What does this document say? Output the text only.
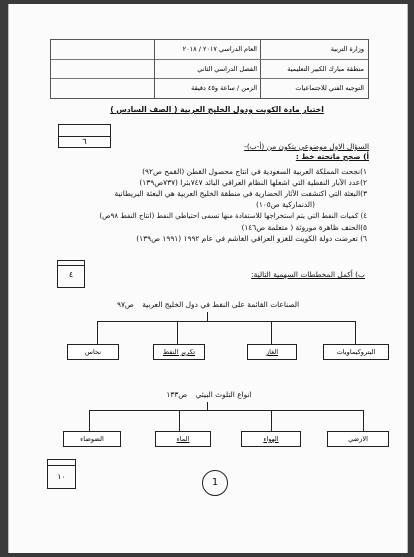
وزارة التربية
منطقة مبارك الكبير التعليمية
التوجيه الفني للاجتماعيات
العام الدراسي ٢٠١٧ / ٢٠١٨
الفصل الدراسي الثاني
الزمن / ساعة و٤٥ دقيقة
اختبار مادة الكويت ودول الخليج العربية ( الصف السادس )
٦
السؤال الاول موضوعي يتكون من (أ-ب)-
أ) صحح ماتحته خط :
١)نجحت المملكة العربية السعودية في انتاج محصول القطن (القمح ص٩٢)
٢)عدد الآبار النفطية التي اشعلها النظام العراقي البائد ٧٤٧بئرا (٧٣٧ص١٣٩)
٣)البعثة التي اكتشفت الآثار الحضارية في منطقة الخليج العربية هي البعثة البريطانية
(الدنماركية ص١٠٥)
٤) كميات النفط التي يتم استخراجها للاستفادة منها تسمى احتياطي النفط (انتاج النفط ٩٨ص)
٥)الحنف ظاهرة موروثة ( متعلمة ص١٤٦)
٦) تعرضت دولة الكويت للغزو العراقي الغاشم في عام ١٩٩٢ (١٩٩١ ص١٣٩)
٤	ب) أكمل المخططات السهمية التالية:
الصناعات القائمة على النفط في دول الخليج العربية ص٩٧
البتروكيماويات
الغاز
تكرير النفط
نحاس
انواع التلوث البيئي ص١٣٣
الارضي
الهواء
الماء
الضوضاء
١٠
1
